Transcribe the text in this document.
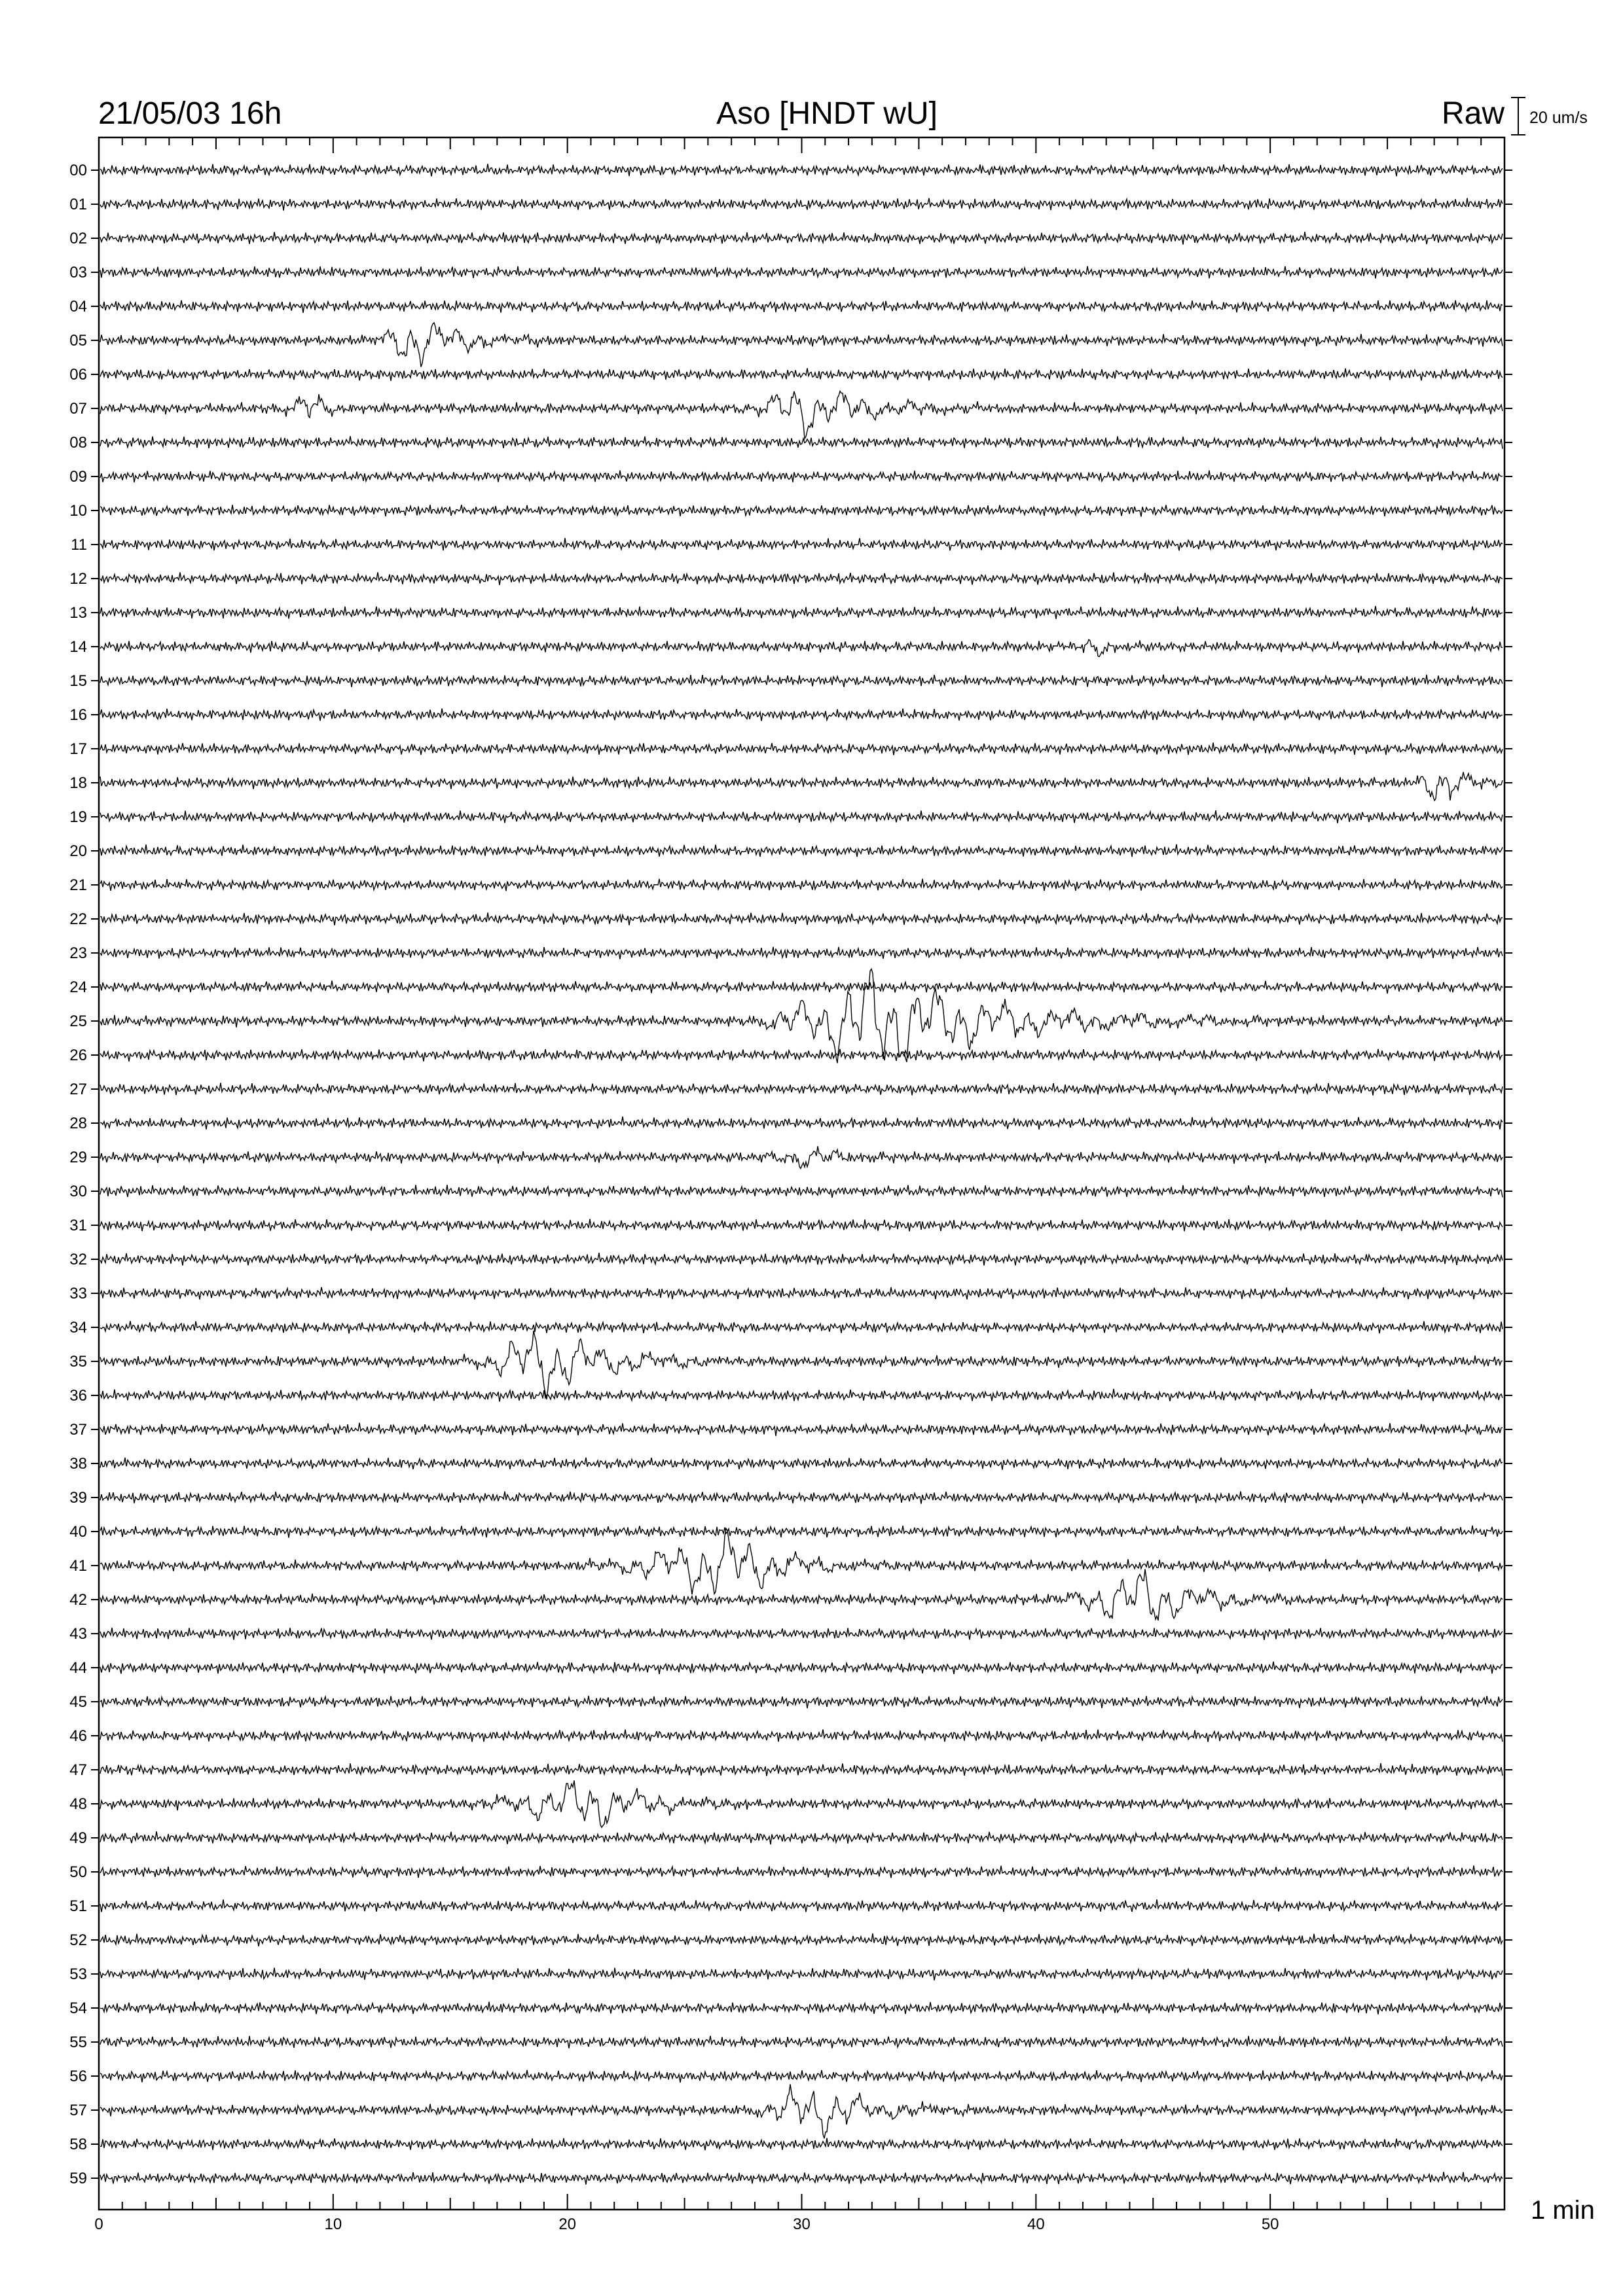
21/05/03 16h	Aso [HNDT wU]	Raw 20 um/s
1 min
00
01
02
03
04
05
06
07
08
09
10
11
12
13
14
15
16
17
18
19
20
21
22
23
24
25
26
27
28
29
30
31
32
33
34
35
36
37
38
39
40
41
42
43
44
45
46
47
48
49
50
51
52
53
54
55
56
57
58
59
0	10	20	30	40	50
